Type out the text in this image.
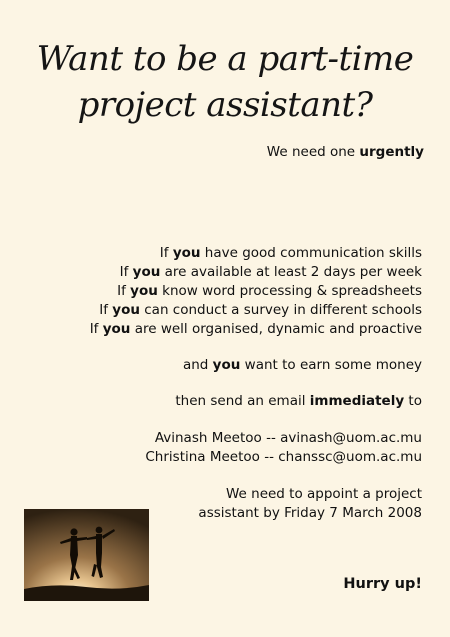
Want to be a part-time
project assistant?
We need one urgently
If you have good communication skills
If you are available at least 2 days per week
If you know word processing & spreadsheets
If you can conduct a survey in different schools
If you are well organised, dynamic and proactive
and you want to earn some money
then send an email immediately to
Avinash Meetoo -- avinash@uom.ac.mu
Christina Meetoo -- chanssc@uom.ac.mu
We need to appoint a project
assistant by Friday 7 March 2008
Hurry up!
